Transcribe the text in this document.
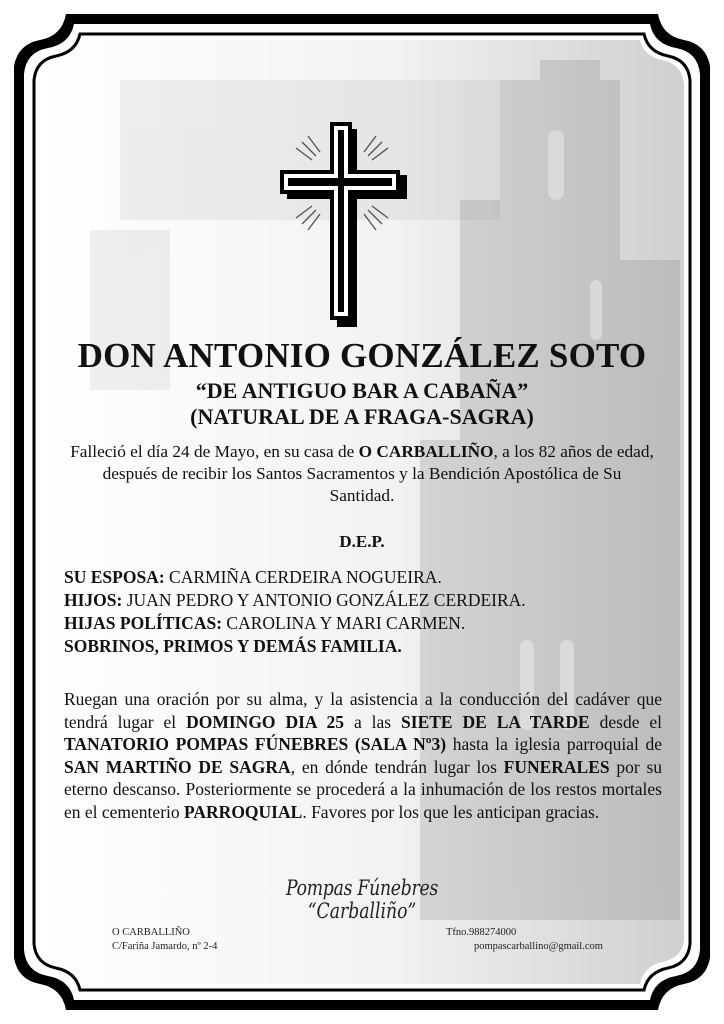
DON ANTONIO GONZÁLEZ SOTO

“DE ANTIGUO BAR A CABAÑA”

(NATURAL DE A FRAGA-SAGRA)

Falleció el día 24 de Mayo, en su casa de O CARBALLIÑO, a los 82 años de edad, después de recibir los Santos Sacramentos y la Bendición Apostólica de Su Santidad.

D.E.P.

SU ESPOSA: CARMIÑA CERDEIRA NOGUEIRA.
HIJOS: JUAN PEDRO Y ANTONIO GONZÁLEZ CERDEIRA.
HIJAS POLÍTICAS: CAROLINA Y MARI CARMEN.
SOBRINOS, PRIMOS Y DEMÁS FAMILIA.

Ruegan una oración por su alma, y la asistencia a la conducción del cadáver que tendrá lugar el DOMINGO DIA 25 a las SIETE DE LA TARDE desde el TANATORIO POMPAS FÚNEBRES (SALA Nº3) hasta la iglesia parroquial de SAN MARTIÑO DE SAGRA, en dónde tendrán lugar los FUNERALES por su eterno descanso. Posteriormente se procederá a la inhumación de los restos mortales en el cementerio PARROQUIAL. Favores por los que les anticipan gracias.

Pompas Fúnebres
“Carballiño”
O CARBALLIÑO
C/Fariña Jamardo, nº 2-4
Tfno.988274000
pompascarballino@gmail.com
